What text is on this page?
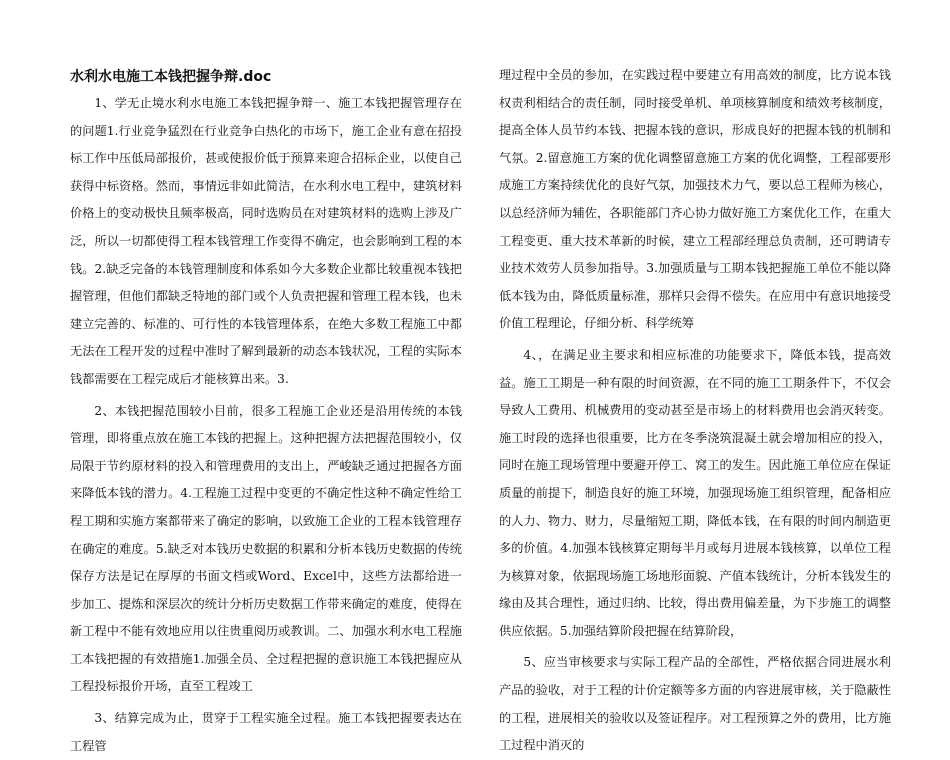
水利水电施工本钱把握争辩.doc

1、学无止境水利水电施工本钱把握争辩一、施工本钱把握管理存在的问题1.行业竞争猛烈在行业竞争白热化的市场下，施工企业有意在招投标工作中压低局部报价，甚或使报价低于预算来迎合招标企业，以使自己获得中标资格。然而，事情远非如此简洁，在水利水电工程中，建筑材料价格上的变动极快且频率极高，同时选购员在对建筑材料的选购上涉及广泛，所以一切都使得工程本钱管理工作变得不确定，也会影响到工程的本钱。2.缺乏完备的本钱管理制度和体系如今大多数企业都比较重视本钱把握管理，但他们都缺乏特地的部门或个人负责把握和管理工程本钱，也未建立完善的、标准的、可行性的本钱管理体系，在绝大多数工程施工中都无法在工程开发的过程中准时了解到最新的动态本钱状况，工程的实际本钱都需要在工程完成后才能核算出来。3.

2、本钱把握范围较小目前，很多工程施工企业还是沿用传统的本钱管理，即将重点放在施工本钱的把握上。这种把握方法把握范围较小，仅局限于节约原材料的投入和管理费用的支出上，严峻缺乏通过把握各方面来降低本钱的潜力。4.工程施工过程中变更的不确定性这种不确定性给工程工期和实施方案都带来了确定的影响，以致施工企业的工程本钱管理存在确定的难度。5.缺乏对本钱历史数据的积累和分析本钱历史数据的传统保存方法是记在厚厚的书面文档或Word、Excel中，这些方法都给进一步加工、提炼和深层次的统计分析历史数据工作带来确定的难度，使得在新工程中不能有效地应用以往贵重阅历或教训。二、加强水利水电工程施工本钱把握的有效措施1.加强全员、全过程把握的意识施工本钱把握应从工程投标报价开场，直至工程竣工

3、结算完成为止，贯穿于工程实施全过程。施工本钱把握要表达在工程管

理过程中全员的参加，在实践过程中要建立有用高效的制度，比方说本钱权责利相结合的责任制，同时接受单机、单项核算制度和绩效考核制度，提高全体人员节约本钱、把握本钱的意识，形成良好的把握本钱的机制和气氛。2.留意施工方案的优化调整留意施工方案的优化调整，工程部要形成施工方案持续优化的良好气氛，加强技术力气，要以总工程师为核心，以总经济师为辅佐，各职能部门齐心协力做好施工方案优化工作，在重大工程变更、重大技术革新的时候，建立工程部经理总负责制，还可聘请专业技术效劳人员参加指导。3.加强质量与工期本钱把握施工单位不能以降低本钱为由，降低质量标准，那样只会得不偿失。在应用中有意识地接受价值工程理论，仔细分析、科学统筹

4、，在满足业主要求和相应标准的功能要求下，降低本钱，提高效益。施工工期是一种有限的时间资源，在不同的施工工期条件下，不仅会导致人工费用、机械费用的变动甚至是市场上的材料费用也会消灭转变。施工时段的选择也很重要，比方在冬季浇筑混凝土就会增加相应的投入，同时在施工现场管理中要避开停工、窝工的发生。因此施工单位应在保证质量的前提下，制造良好的施工环境，加强现场施工组织管理，配备相应的人力、物力、财力，尽量缩短工期，降低本钱，在有限的时间内制造更多的价值。4.加强本钱核算定期每半月或每月进展本钱核算，以单位工程为核算对象，依据现场施工场地形面貌、产值本钱统计，分析本钱发生的缘由及其合理性，通过归纳、比较，得出费用偏差量，为下步施工的调整供应依据。5.加强结算阶段把握在结算阶段，

5、应当审核要求与实际工程产品的全部性，严格依据合同进展水利产品的验收，对于工程的计价定额等多方面的内容进展审核，关于隐蔽性的工程，进展相关的验收以及签证程序。对工程预算之外的费用，比方施工过程中消灭的
